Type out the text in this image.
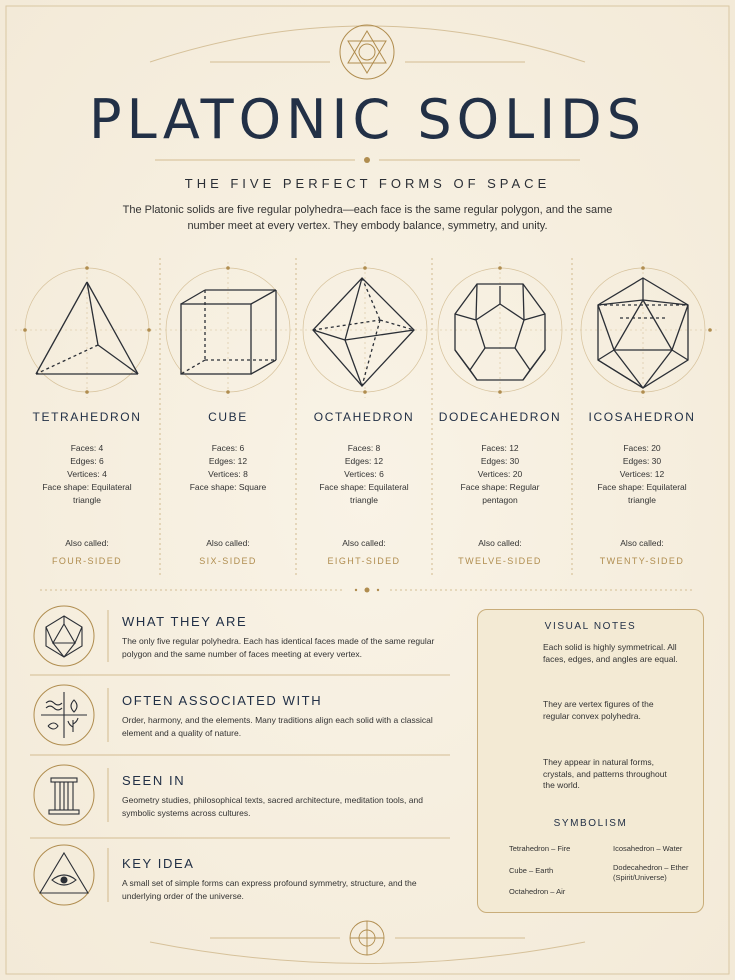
PLATONIC SOLIDS
THE FIVE PERFECT FORMS OF SPACE
The Platonic solids are five regular polyhedra—each face is the same regular polygon, and the same number meet at every vertex. They embody balance, symmetry, and unity.
TETRAHEDRON
Faces: 4
Edges: 6
Vertices: 4
Face shape: Equilateral
triangle
Also called:
FOUR-SIDED
CUBE
Faces: 6
Edges: 12
Vertices: 8
Face shape: Square
Also called:
SIX-SIDED
OCTAHEDRON
Faces: 8
Edges: 12
Vertices: 6
Face shape: Equilateral
triangle
Also called:
EIGHT-SIDED
DODECAHEDRON
Faces: 12
Edges: 30
Vertices: 20
Face shape: Regular
pentagon
Also called:
TWELVE-SIDED
ICOSAHEDRON
Faces: 20
Edges: 30
Vertices: 12
Face shape: Equilateral
triangle
Also called:
TWENTY-SIDED
WHAT THEY ARE
The only five regular polyhedra. Each has identical faces made of the same regular polygon and the same number of faces meeting at every vertex.
OFTEN ASSOCIATED WITH
Order, harmony, and the elements. Many traditions align each solid with a classical element and a quality of nature.
SEEN IN
Geometry studies, philosophical texts, sacred architecture, meditation tools, and symbolic systems across cultures.
KEY IDEA
A small set of simple forms can express profound symmetry, structure, and the underlying order of the universe.
VISUAL NOTES
Each solid is highly symmetrical. All faces, edges, and angles are equal.
They are vertex figures of the regular convex polyhedra.
They appear in natural forms, crystals, and patterns throughout the world.
SYMBOLISM
Tetrahedron – Fire	Icosahedron – Water
Cube – Earth	Dodecahedron – Ether (Spirit/Universe)
Octahedron – Air
